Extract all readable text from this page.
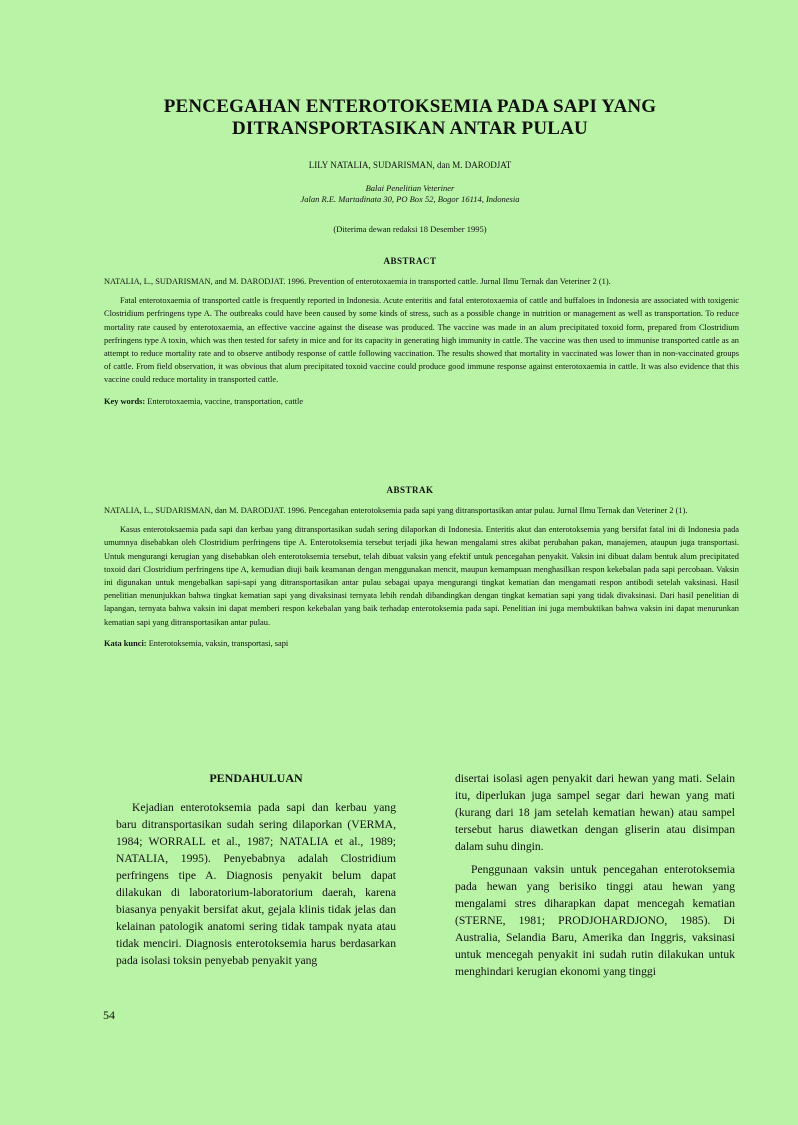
PENCEGAHAN ENTEROTOKSEMIA PADA SAPI YANG
DITRANSPORTASIKAN ANTAR PULAU
LILY NATALIA, SUDARISMAN, dan M. DARODJAT
Balai Penelitian Veteriner
Jalan R.E. Martadinata 30, PO Box 52, Bogor 16114, Indonesia
(Diterima dewan redaksi 18 Desember 1995)
ABSTRACT

NATALIA, L., SUDARISMAN, and M. DARODJAT. 1996. Prevention of enterotoxaemia in transported cattle. Jurnal Ilmu Ternak dan Veteriner 2 (1).

Fatal enterotoxaemia of transported cattle is frequently reported in Indonesia. Acute enteritis and fatal enterotoxaemia of cattle and buffaloes in Indonesia are associated with toxigenic Clostridium perfringens type A. The outbreaks could have been caused by some kinds of stress, such as a possible change in nutrition or management as well as transportation. To reduce mortality rate caused by enterotoxaemia, an effective vaccine against the disease was produced. The vaccine was made in an alum precipitated toxoid form, prepared from Clostridium perfringens type A toxin, which was then tested for safety in mice and for its capacity in generating high immunity in cattle. The vaccine was then used to immunise transported cattle as an attempt to reduce mortality rate and to observe antibody response of cattle following vaccination. The results showed that mortality in vaccinated was lower than in non-vaccinated groups of cattle. From field observation, it was obvious that alum precipitated toxoid vaccine could produce good immune response against enterotoxaemia in cattle. It was also evidence that this vaccine could reduce mortality in transported cattle.

Key words: Enterotoxaemia, vaccine, transportation, cattle

ABSTRAK

NATALIA, L., SUDARISMAN, dan M. DARODJAT. 1996. Pencegahan enterotoksemia pada sapi yang ditransportasikan antar pulau. Jurnal Ilmu Ternak dan Veteriner 2 (1).

Kasus enterotoksaemia pada sapi dan kerbau yang ditransportasikan sudah sering dilaporkan di Indonesia. Enteritis akut dan enterotoksemia yang bersifat fatal ini di Indonesia pada umumnya disebabkan oleh Clostridium perfringens tipe A. Enterotoksemia tersebut terjadi jika hewan mengalami stres akibat perubahan pakan, manajemen, ataupun juga transportasi. Untuk mengurangi kerugian yang disebabkan oleh enterotoksemia tersebut, telah dibuat vaksin yang efektif untuk pencegahan penyakit. Vaksin ini dibuat dalam bentuk alum precipitated toxoid dari Clostridium perfringens tipe A, kemudian diuji baik keamanan dengan menggunakan mencit, maupun kemampuan menghasilkan respon kekebalan pada sapi percobaan. Vaksin ini digunakan untuk mengebalkan sapi-sapi yang ditransportasikan antar pulau sebagai upaya mengurangi tingkat kematian dan mengamati respon antibodi setelah vaksinasi. Hasil penelitian menunjukkan bahwa tingkat kematian sapi yang divaksinasi ternyata lebih rendah dibandingkan dengan tingkat kematian sapi yang tidak divaksinasi. Dari hasil penelitian di lapangan, ternyata bahwa vaksin ini dapat memberi respon kekebalan yang baik terhadap enterotoksemia pada sapi. Penelitian ini juga membuktikan bahwa vaksin ini dapat menurunkan kematian sapi yang ditransportasikan antar pulau.

Kata kunci: Enterotoksemia, vaksin, transportasi, sapi

PENDAHULUAN

Kejadian enterotoksemia pada sapi dan kerbau yang baru ditransportasikan sudah sering dilaporkan (VERMA, 1984; WORRALL et al., 1987; NATALIA et al., 1989; NATALIA, 1995). Penyebabnya adalah Clostridium perfringens tipe A. Diagnosis penyakit belum dapat dilakukan di laboratorium-laboratorium daerah, karena biasanya penyakit bersifat akut, gejala klinis tidak jelas dan kelainan patologik anatomi sering tidak tampak nyata atau tidak menciri. Diagnosis enterotoksemia harus berdasarkan pada isolasi toksin penyebab penyakit yang

disertai isolasi agen penyakit dari hewan yang mati. Selain itu, diperlukan juga sampel segar dari hewan yang mati (kurang dari 18 jam setelah kematian hewan) atau sampel tersebut harus diawetkan dengan gliserin atau disimpan dalam suhu dingin.

Penggunaan vaksin untuk pencegahan enterotoksemia pada hewan yang berisiko tinggi atau hewan yang mengalami stres diharapkan dapat mencegah kematian (STERNE, 1981; PRODJOHARDJONO, 1985). Di Australia, Selandia Baru, Amerika dan Inggris, vaksinasi untuk mencegah penyakit ini sudah rutin dilakukan untuk menghindari kerugian ekonomi yang tinggi

54
